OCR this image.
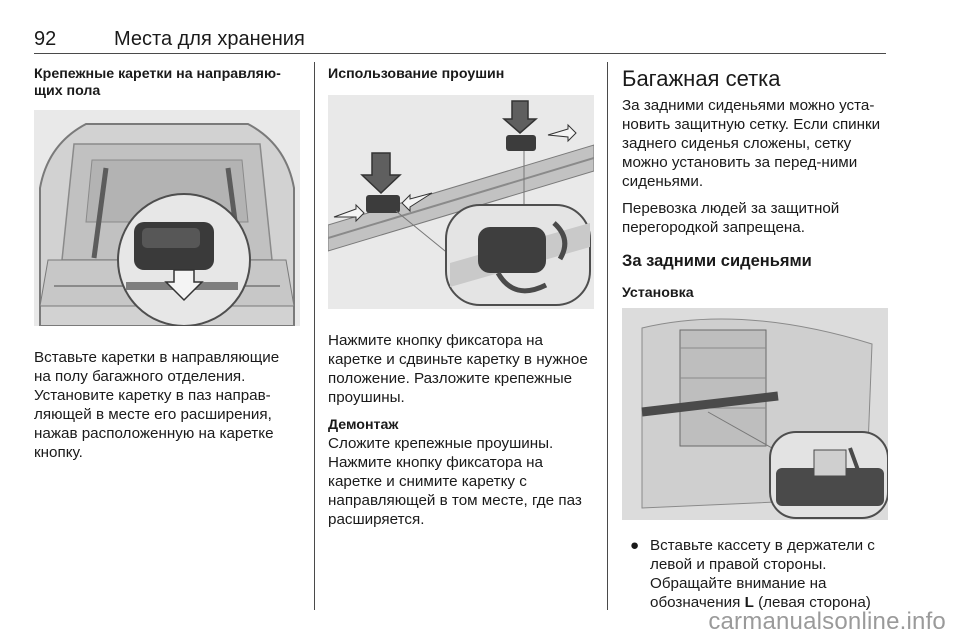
92	Места для хранения
Крепежные каретки на направляю-щих пола

Вставьте каретки в направляющие на полу багажного отделения. Установите каретку в паз направ-ляющей в месте его расширения, нажав расположенную на каретке кнопку.

Использование проушин

Нажмите кнопку фиксатора на каретке и сдвиньте каретку в нужное положение. Разложите крепежные проушины.

Демонтаж

Сложите крепежные проушины. Нажмите кнопку фиксатора на каретке и снимите каретку с направляющей в том месте, где паз расширяется.

Багажная сетка

За задними сиденьями можно уста-новить защитную сетку. Если спинки заднего сиденья сложены, сетку можно установить за перед-ними сиденьями.

Перевозка людей за защитной перегородкой запрещена.

За задними сиденьями
Установка
● Вставьте кассету в держатели с левой и правой стороны. Обращайте внимание на обозначения L (левая сторона)
carmanualsonline.info
